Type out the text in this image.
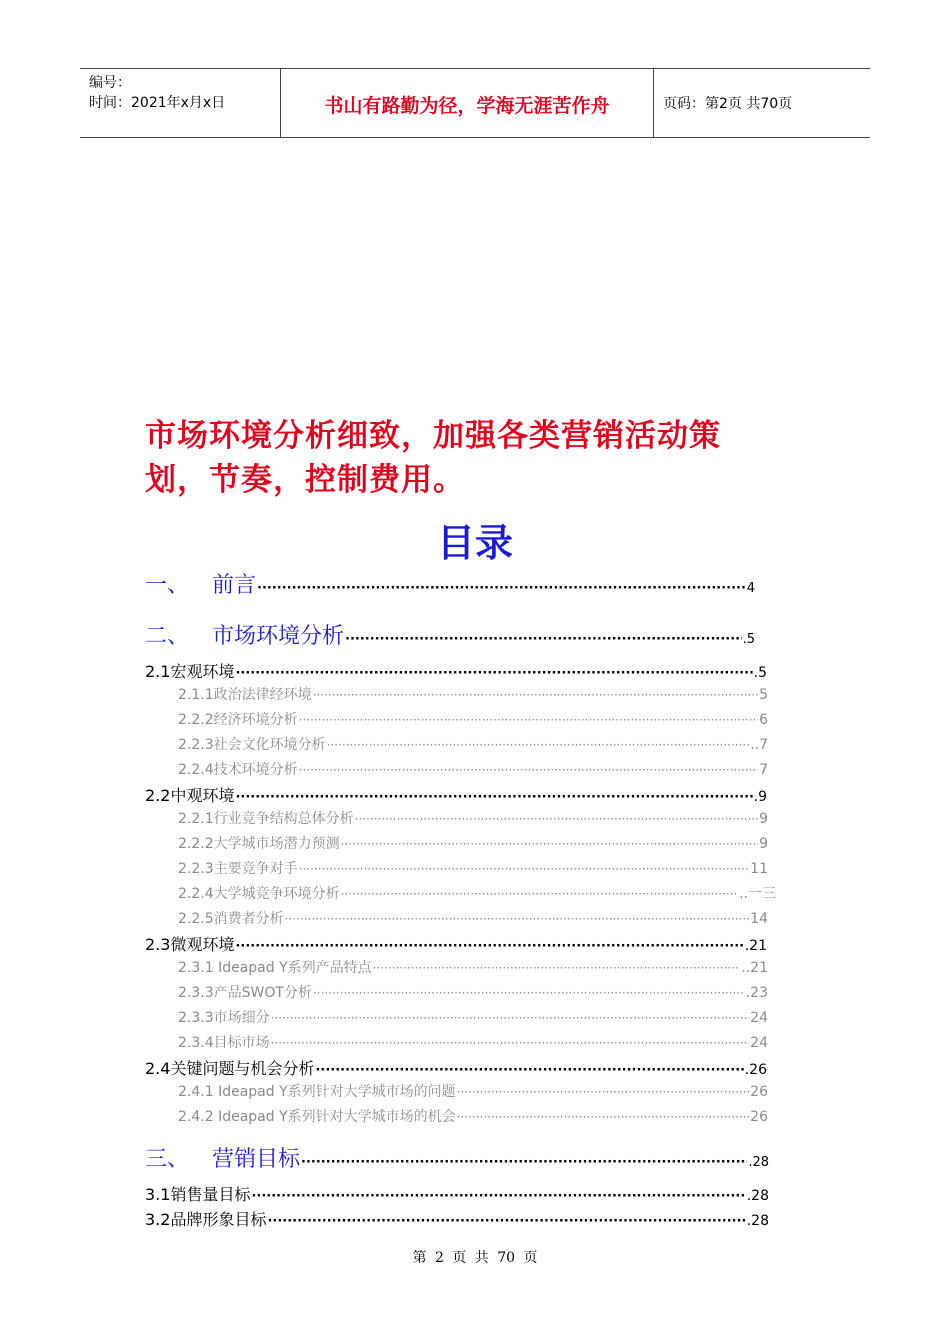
编号：
时间：2021年x月x日	书山有路勤为径，学海无涯苦作舟	页码：第2页 共70页
市场环境分析细致，加强各类营销活动策
划，节奏，控制费用。
目录
一、	前言 ·····	4
二、	市场环境分析 ·····	.5
2.1宏观环境 ·····	.5
2.1.1政治法律经环境 ·····	5
2.2.2经济环境分析 ·····	6
2.2.3社会文化环境分析 ·····	..7
2.2.4技术环境分析 ·····	7
2.2中观环境 ·····	.9
2.2.1行业竞争结构总体分析 ·····	9
2.2.2大学城市场潜力预测 ·····	9
2.2.3主要竞争对手 ·····	11
2.2.4大学城竞争环境分析 ·····	..一三
2.2.5消费者分析 ·····	14
2.3微观环境 ·····	.21
2.3.1 Ideapad Y系列产品特点 ·····	..21
2.3.3产品SWOT分析 ·····	.23
2.3.3市场细分 ·····	24
2.3.4目标市场 ·····	24
2.4关键问题与机会分析 ·····	.26
2.4.1 Ideapad Y系列针对大学城市场的问题 ·····	26
2.4.2 Ideapad Y系列针对大学城市场的机会 ·····	26
三、	营销目标 ·····	.28
3.1销售量目标 ·····	.28
3.2品牌形象目标 ·····	.28
第 2 页 共 70 页
